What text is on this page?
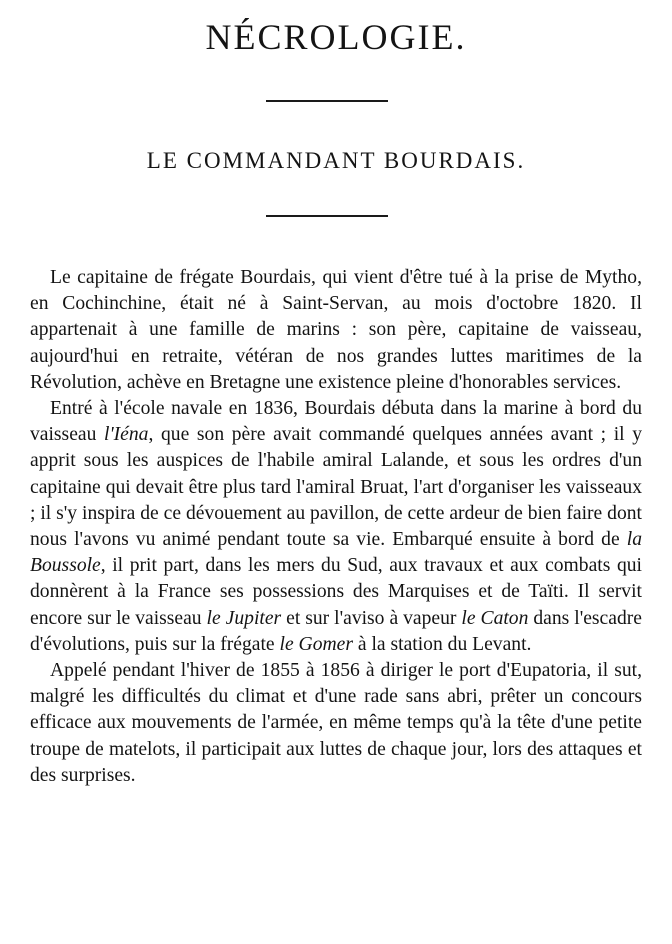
NÉCROLOGIE.
LE COMMANDANT BOURDAIS.

Le capitaine de frégate Bourdais, qui vient d'être tué à la prise de Mytho, en Cochinchine, était né à Saint-Servan, au mois d'octobre 1820. Il appartenait à une famille de marins : son père, capitaine de vaisseau, aujourd'hui en retraite, vétéran de nos grandes luttes maritimes de la Révolution, achève en Bretagne une existence pleine d'honorables services.

Entré à l'école navale en 1836, Bourdais débuta dans la marine à bord du vaisseau l'Iéna, que son père avait commandé quelques années avant ; il y apprit sous les auspices de l'habile amiral Lalande, et sous les ordres d'un capitaine qui devait être plus tard l'amiral Bruat, l'art d'organiser les vaisseaux ; il s'y inspira de ce dévouement au pavillon, de cette ardeur de bien faire dont nous l'avons vu animé pendant toute sa vie. Embarqué ensuite à bord de la Boussole, il prit part, dans les mers du Sud, aux travaux et aux combats qui donnèrent à la France ses possessions des Marquises et de Taïti. Il servit encore sur le vaisseau le Jupiter et sur l'aviso à vapeur le Caton dans l'escadre d'évolutions, puis sur la frégate le Gomer à la station du Levant.

Appelé pendant l'hiver de 1855 à 1856 à diriger le port d'Eupatoria, il sut, malgré les difficultés du climat et d'une rade sans abri, prêter un concours efficace aux mouvements de l'armée, en même temps qu'à la tête d'une petite troupe de matelots, il participait aux luttes de chaque jour, lors des attaques et des surprises.
